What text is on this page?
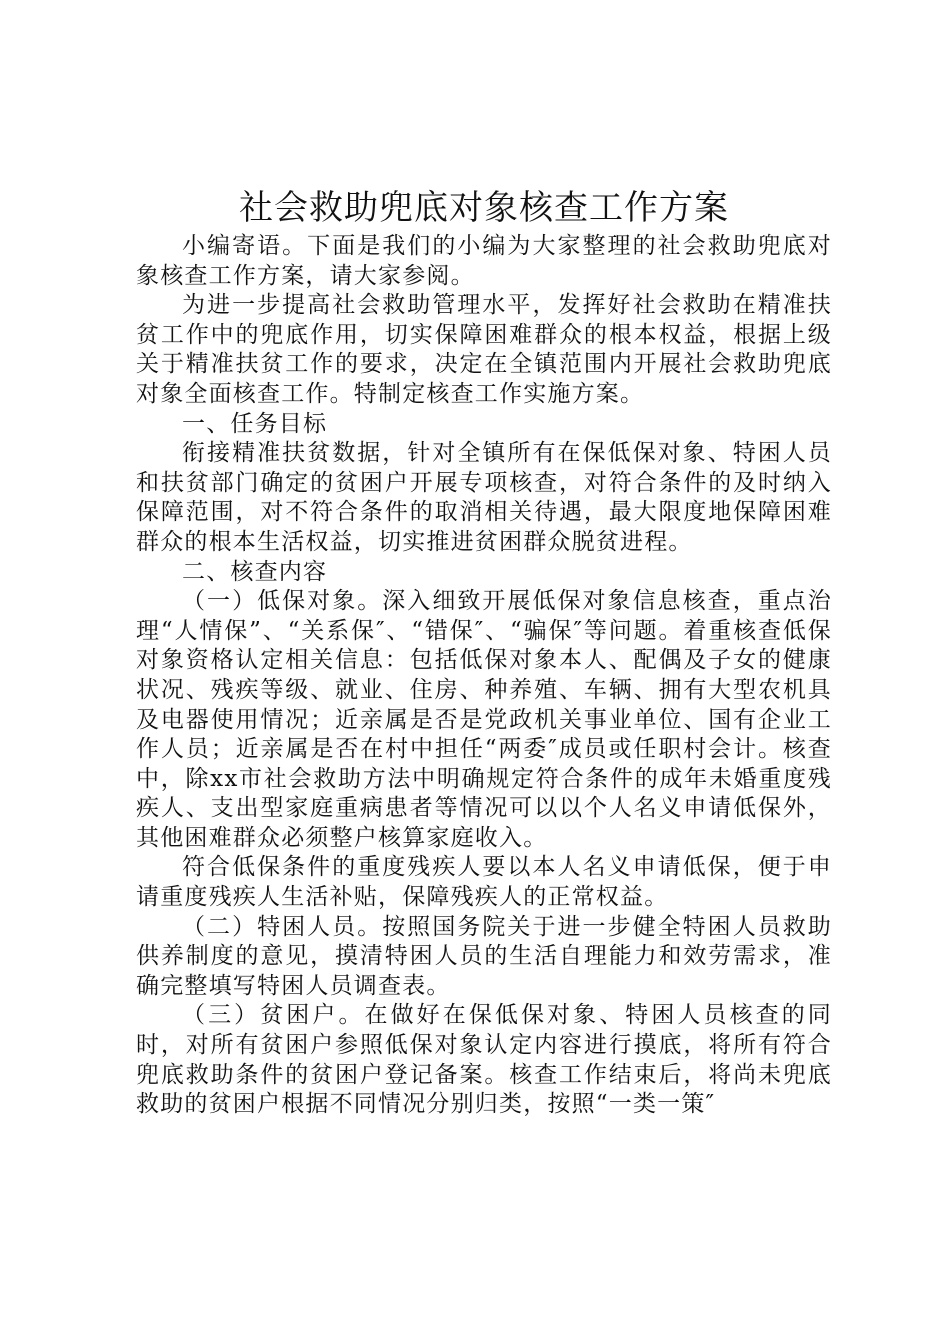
社会救助兜底对象核查工作方案

小编寄语。下面是我们的小编为大家整理的社会救助兜底对象核查工作方案，请大家参阅。

为进一步提高社会救助管理水平，发挥好社会救助在精准扶贫工作中的兜底作用，切实保障困难群众的根本权益，根据上级关于精准扶贫工作的要求，决定在全镇范围内开展社会救助兜底对象全面核查工作。特制定核查工作实施方案。

一、任务目标

衔接精准扶贫数据，针对全镇所有在保低保对象、特困人员和扶贫部门确定的贫困户开展专项核查，对符合条件的及时纳入保障范围，对不符合条件的取消相关待遇，最大限度地保障困难群众的根本生活权益，切实推进贫困群众脱贫进程。

二、核查内容

（一）低保对象。深入细致开展低保对象信息核查，重点治理“人情保”、“关系保″、“错保″、“骗保″等问题。着重核查低保对象资格认定相关信息：包括低保对象本人、配偶及子女的健康状况、残疾等级、就业、住房、种养殖、车辆、拥有大型农机具及电器使用情况；近亲属是否是党政机关事业单位、国有企业工作人员；近亲属是否在村中担任“两委″成员或任职村会计。核查中，除xx市社会救助方法中明确规定符合条件的成年未婚重度残疾人、支出型家庭重病患者等情况可以以个人名义申请低保外，其他困难群众必须整户核算家庭收入。

符合低保条件的重度残疾人要以本人名义申请低保，便于申请重度残疾人生活补贴，保障残疾人的正常权益。

（二）特困人员。按照国务院关于进一步健全特困人员救助供养制度的意见，摸清特困人员的生活自理能力和效劳需求，准确完整填写特困人员调查表。

（三）贫困户。在做好在保低保对象、特困人员核查的同时，对所有贫困户参照低保对象认定内容进行摸底，将所有符合兜底救助条件的贫困户登记备案。核查工作结束后，将尚未兜底救助的贫困户根据不同情况分别归类，按照“一类一策″
